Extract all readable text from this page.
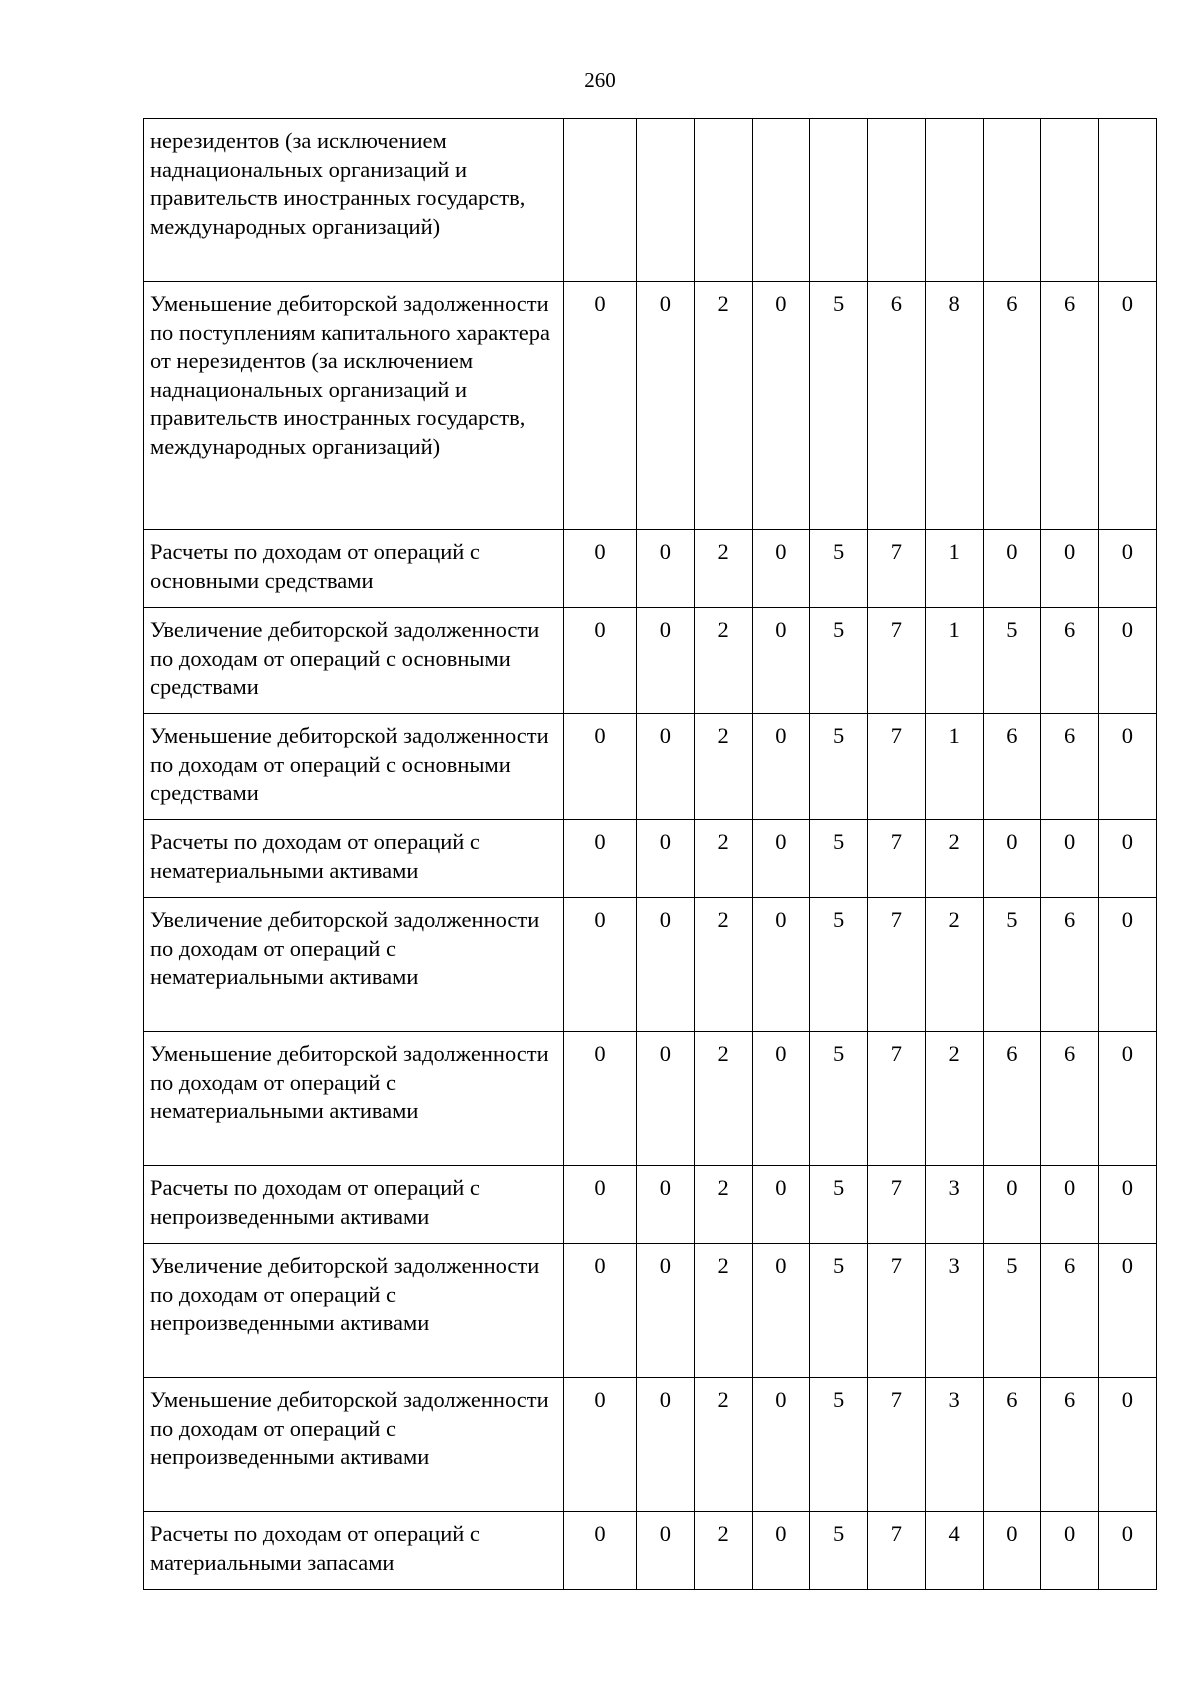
260
нерезидентов (за исключением наднациональных организаций и правительств иностранных государств, международных организаций)										
Уменьшение дебиторской задолженности по поступлениям капитального характера от нерезидентов (за исключением наднациональных организаций и правительств иностранных государств, международных организаций)	0	0	2	0	5	6	8	6	6	0
Расчеты по доходам от операций с основными средствами	0	0	2	0	5	7	1	0	0	0
Увеличение дебиторской задолженности по доходам от операций с основными средствами	0	0	2	0	5	7	1	5	6	0
Уменьшение дебиторской задолженности по доходам от операций с основными средствами	0	0	2	0	5	7	1	6	6	0
Расчеты по доходам от операций с нематериальными активами	0	0	2	0	5	7	2	0	0	0
Увеличение дебиторской задолженности по доходам от операций с нематериальными активами	0	0	2	0	5	7	2	5	6	0
Уменьшение дебиторской задолженности по доходам от операций с нематериальными активами	0	0	2	0	5	7	2	6	6	0
Расчеты по доходам от операций с непроизведенными активами	0	0	2	0	5	7	3	0	0	0
Увеличение дебиторской задолженности по доходам от операций с непроизведенными активами	0	0	2	0	5	7	3	5	6	0
Уменьшение дебиторской задолженности по доходам от операций с непроизведенными активами	0	0	2	0	5	7	3	6	6	0
Расчеты по доходам от операций с материальными запасами	0	0	2	0	5	7	4	0	0	0
